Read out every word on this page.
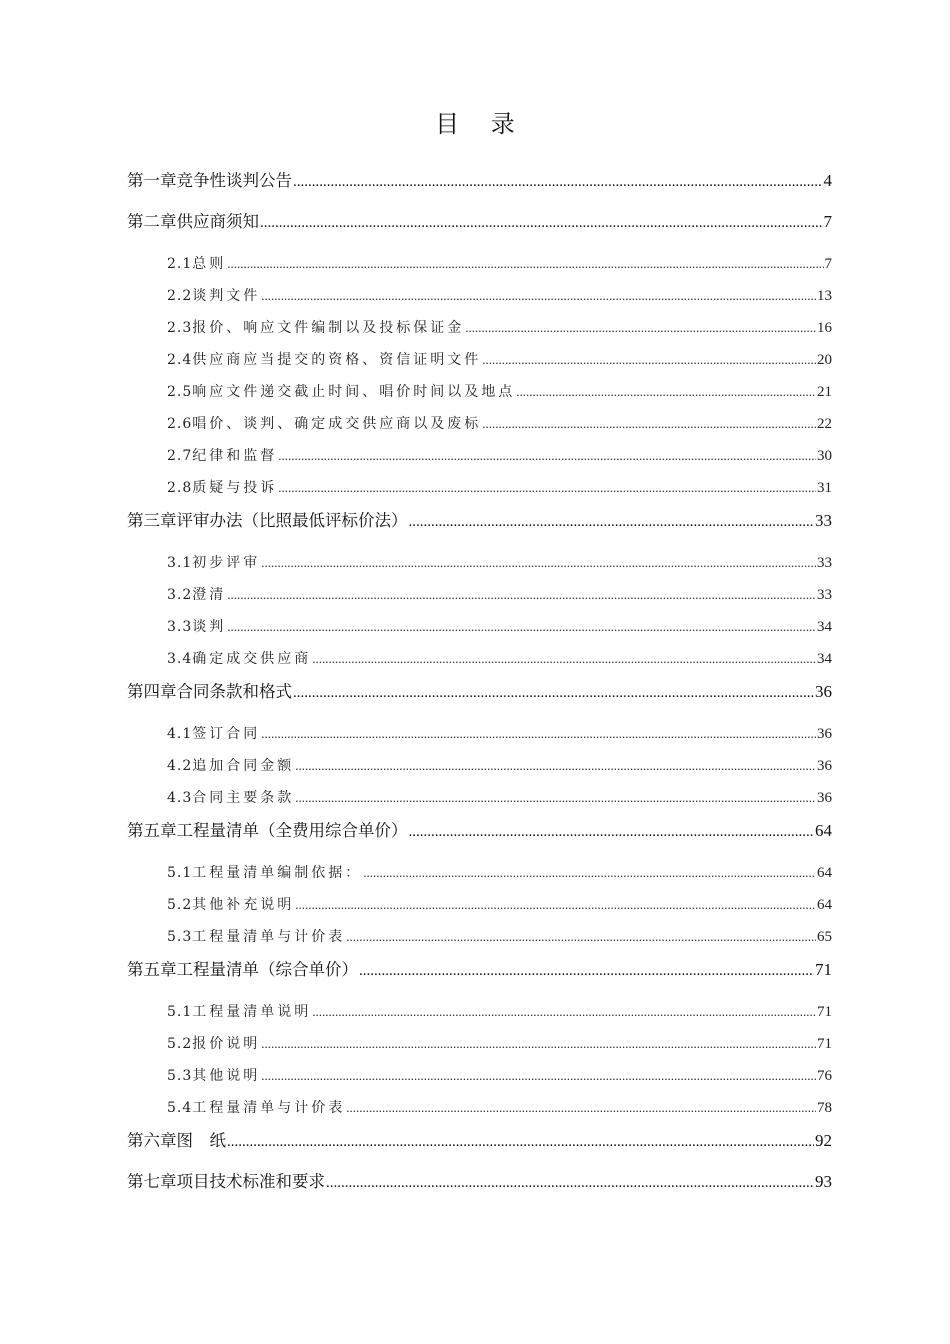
目 录
第一章 竞争性谈判公告 .....	4
第二章 供应商须知 .....	7
2.1 总则 .....	7
2.2 谈判文件 .....	13
2.3 报价、响应文件编制以及投标保证金 .....	16
2.4 供应商应当提交的资格、资信证明文件 .....	20
2.5 响应文件递交截止时间、唱价时间以及地点 .....	21
2.6 唱价、谈判、确定成交供应商以及废标 .....	22
2.7 纪律和监督 .....	30
2.8 质疑与投诉 .....	31
第三章 评审办法（比照最低评标价法） .....	33
3.1 初步评审 .....	33
3.2 澄清 .....	33
3.3 谈判 .....	34
3.4 确定成交供应商 .....	34
第四章 合同条款和格式 .....	36
4.1 签订合同 .....	36
4.2 追加合同金额 .....	36
4.3 合同主要条款 .....	36
第五章 工程量清单（全费用综合单价） .....	64
5.1 工程量清单编制依据： .....	64
5.2 其他补充说明 .....	64
5.3 工程量清单与计价表 .....	65
第五章 工程量清单（综合单价） .....	71
5.1 工程量清单说明 .....	71
5.2 报价说明 .....	71
5.3 其他说明 .....	76
5.4 工程量清单与计价表 .....	78
第六章 图　纸 .....	92
第七章 项目技术标准和要求 .....	93
